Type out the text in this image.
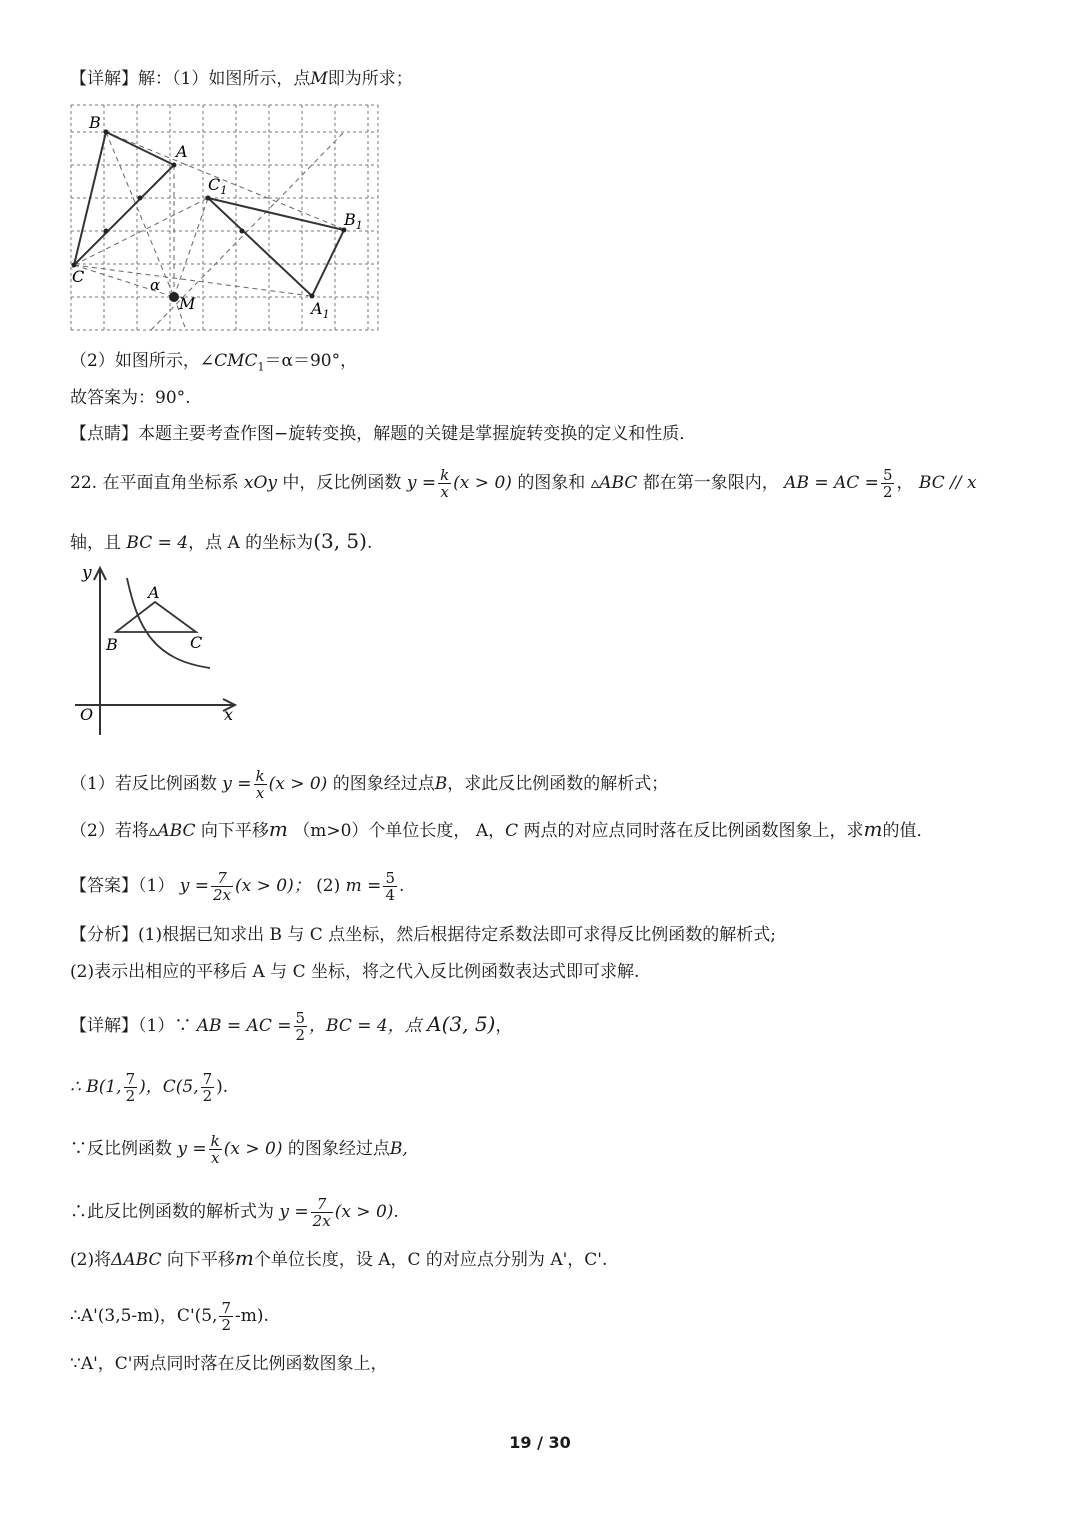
【详解】解：（1）如图所示，点M即为所求；
B
A
$C_1$
$B_1$
C	α
M	$A_1$
（2）如图所示，$\angle CMC_1=\alpha=90^\circ$，
故答案为：90°.
【点睛】本题主要考查作图−旋转变换，解题的关键是掌握旋转变换的定义和性质．
22. 在平面直角坐标系 xOy 中，反比例函数 $y = \frac{k}{x} (x > 0)$ 的图象和 ▵ABC 都在第一象限内， AB = AC = $\frac{5}{2}$ ， BC // x
轴，且 BC = 4，点 A 的坐标为(3, 5).
y
A
B	C
O	x
（1）若反比例函数 $y = \frac{k}{x} (x > 0)$ 的图象经过点B，求此反比例函数的解析式；
（2）若将▵ABC 向下平移m （m>0）个单位长度， A，C 两点的对应点同时落在反比例函数图象上，求m的值．
【答案】（1） $y = \frac{7}{2x} (x > 0)$； (2) $m = \frac{5}{4}$ .
【分析】(1)根据已知求出 B 与 C 点坐标，然后根据待定系数法即可求得反比例函数的解析式;
(2)表示出相应的平移后 A 与 C 坐标，将之代入反比例函数表达式即可求解.
【详解】（1）∵ AB = AC = $\frac{5}{2}$ ，BC = 4，点 A(3, 5)，
∴ B(1, $\frac{7}{2}$ )，C(5, $\frac{7}{2}$ ).
∵反比例函数 $y = \frac{k}{x} (x > 0)$ 的图象经过点B,
∴此反比例函数的解析式为 $y = \frac{7}{2x} (x > 0)$.
(2)将ΔABC 向下平移m个单位长度，设 A，C 的对应点分别为 A'，C'.
∴A'(3,5-m)，C'(5, $\frac{7}{2} -m$).
∵A'，C'两点同时落在反比例函数图象上，
19 / 30
